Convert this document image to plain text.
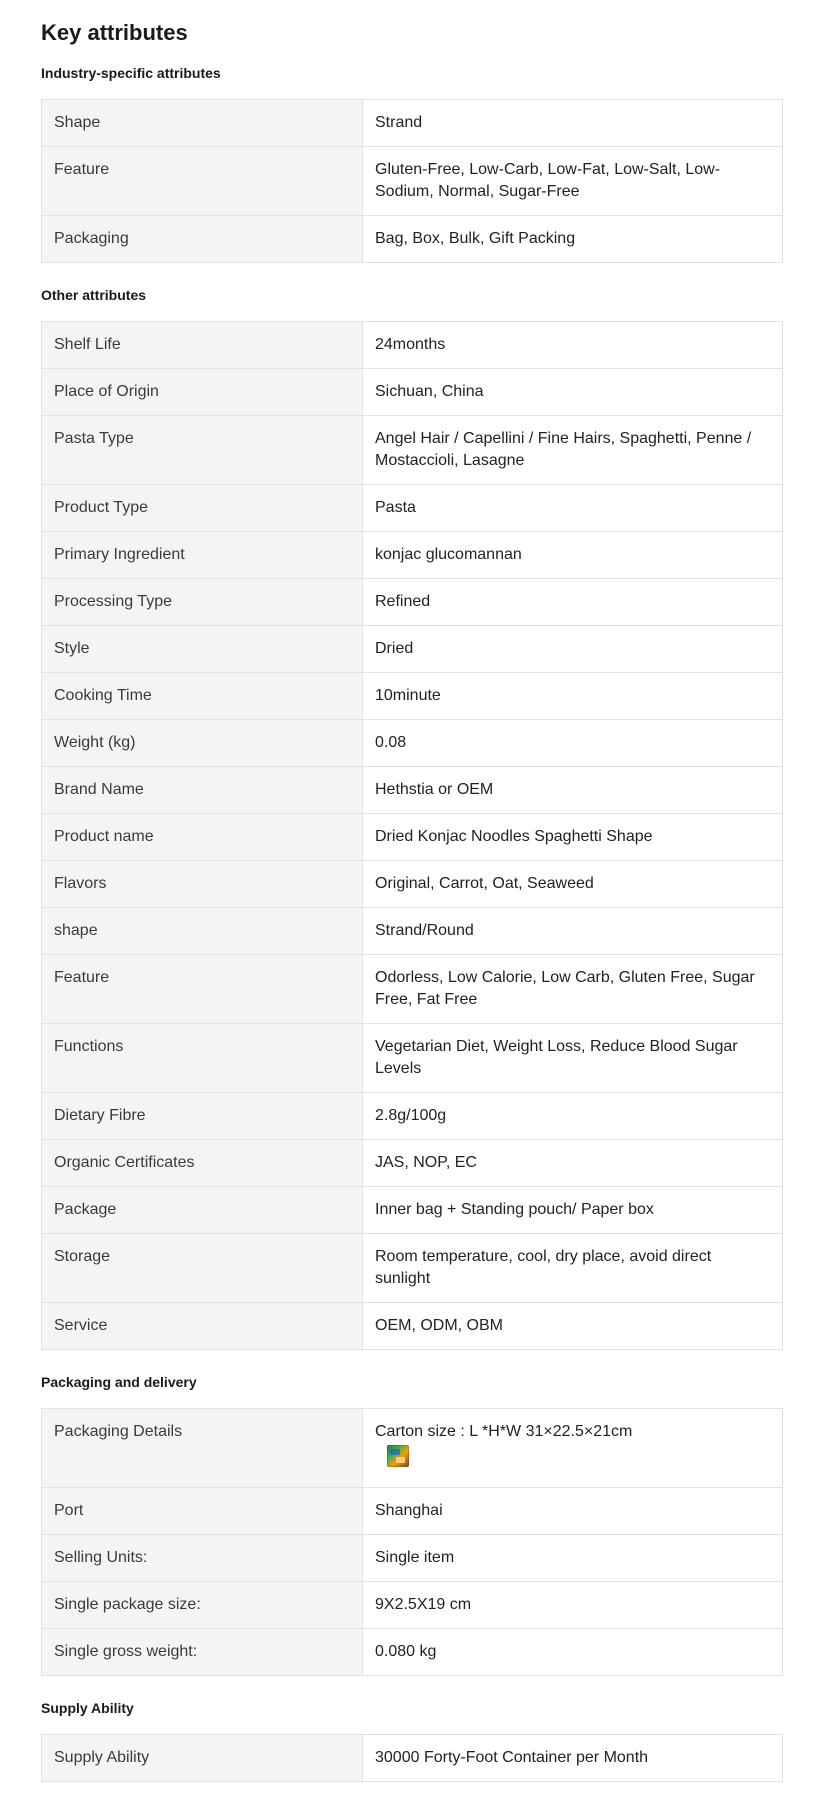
Key attributes
Industry-specific attributes
Shape	Strand
Feature	Gluten-Free, Low-Carb, Low-Fat, Low-Salt, Low-Sodium, Normal, Sugar-Free
Packaging	Bag, Box, Bulk, Gift Packing
Other attributes
Shelf Life	24months
Place of Origin	Sichuan, China
Pasta Type	Angel Hair / Capellini / Fine Hairs, Spaghetti, Penne / Mostaccioli, Lasagne
Product Type	Pasta
Primary Ingredient	konjac glucomannan
Processing Type	Refined
Style	Dried
Cooking Time	10minute
Weight (kg)	0.08
Brand Name	Hethstia or OEM
Product name	Dried Konjac Noodles Spaghetti Shape
Flavors	Original, Carrot, Oat, Seaweed
shape	Strand/Round
Feature	Odorless, Low Calorie, Low Carb, Gluten Free, Sugar Free, Fat Free
Functions	Vegetarian Diet, Weight Loss, Reduce Blood Sugar Levels
Dietary Fibre	2.8g/100g
Organic Certificates	JAS, NOP, EC
Package	Inner bag + Standing pouch/ Paper box
Storage	Room temperature, cool, dry place, avoid direct sunlight
Service	OEM, ODM, OBM
Packaging and delivery
Packaging Details	Carton size : L *H*W 31×22.5×21cm

Port	Shanghai
Selling Units:	Single item
Single package size:	9X2.5X19 cm
Single gross weight:	0.080 kg
Supply Ability
Supply Ability	30000 Forty-Foot Container per Month
